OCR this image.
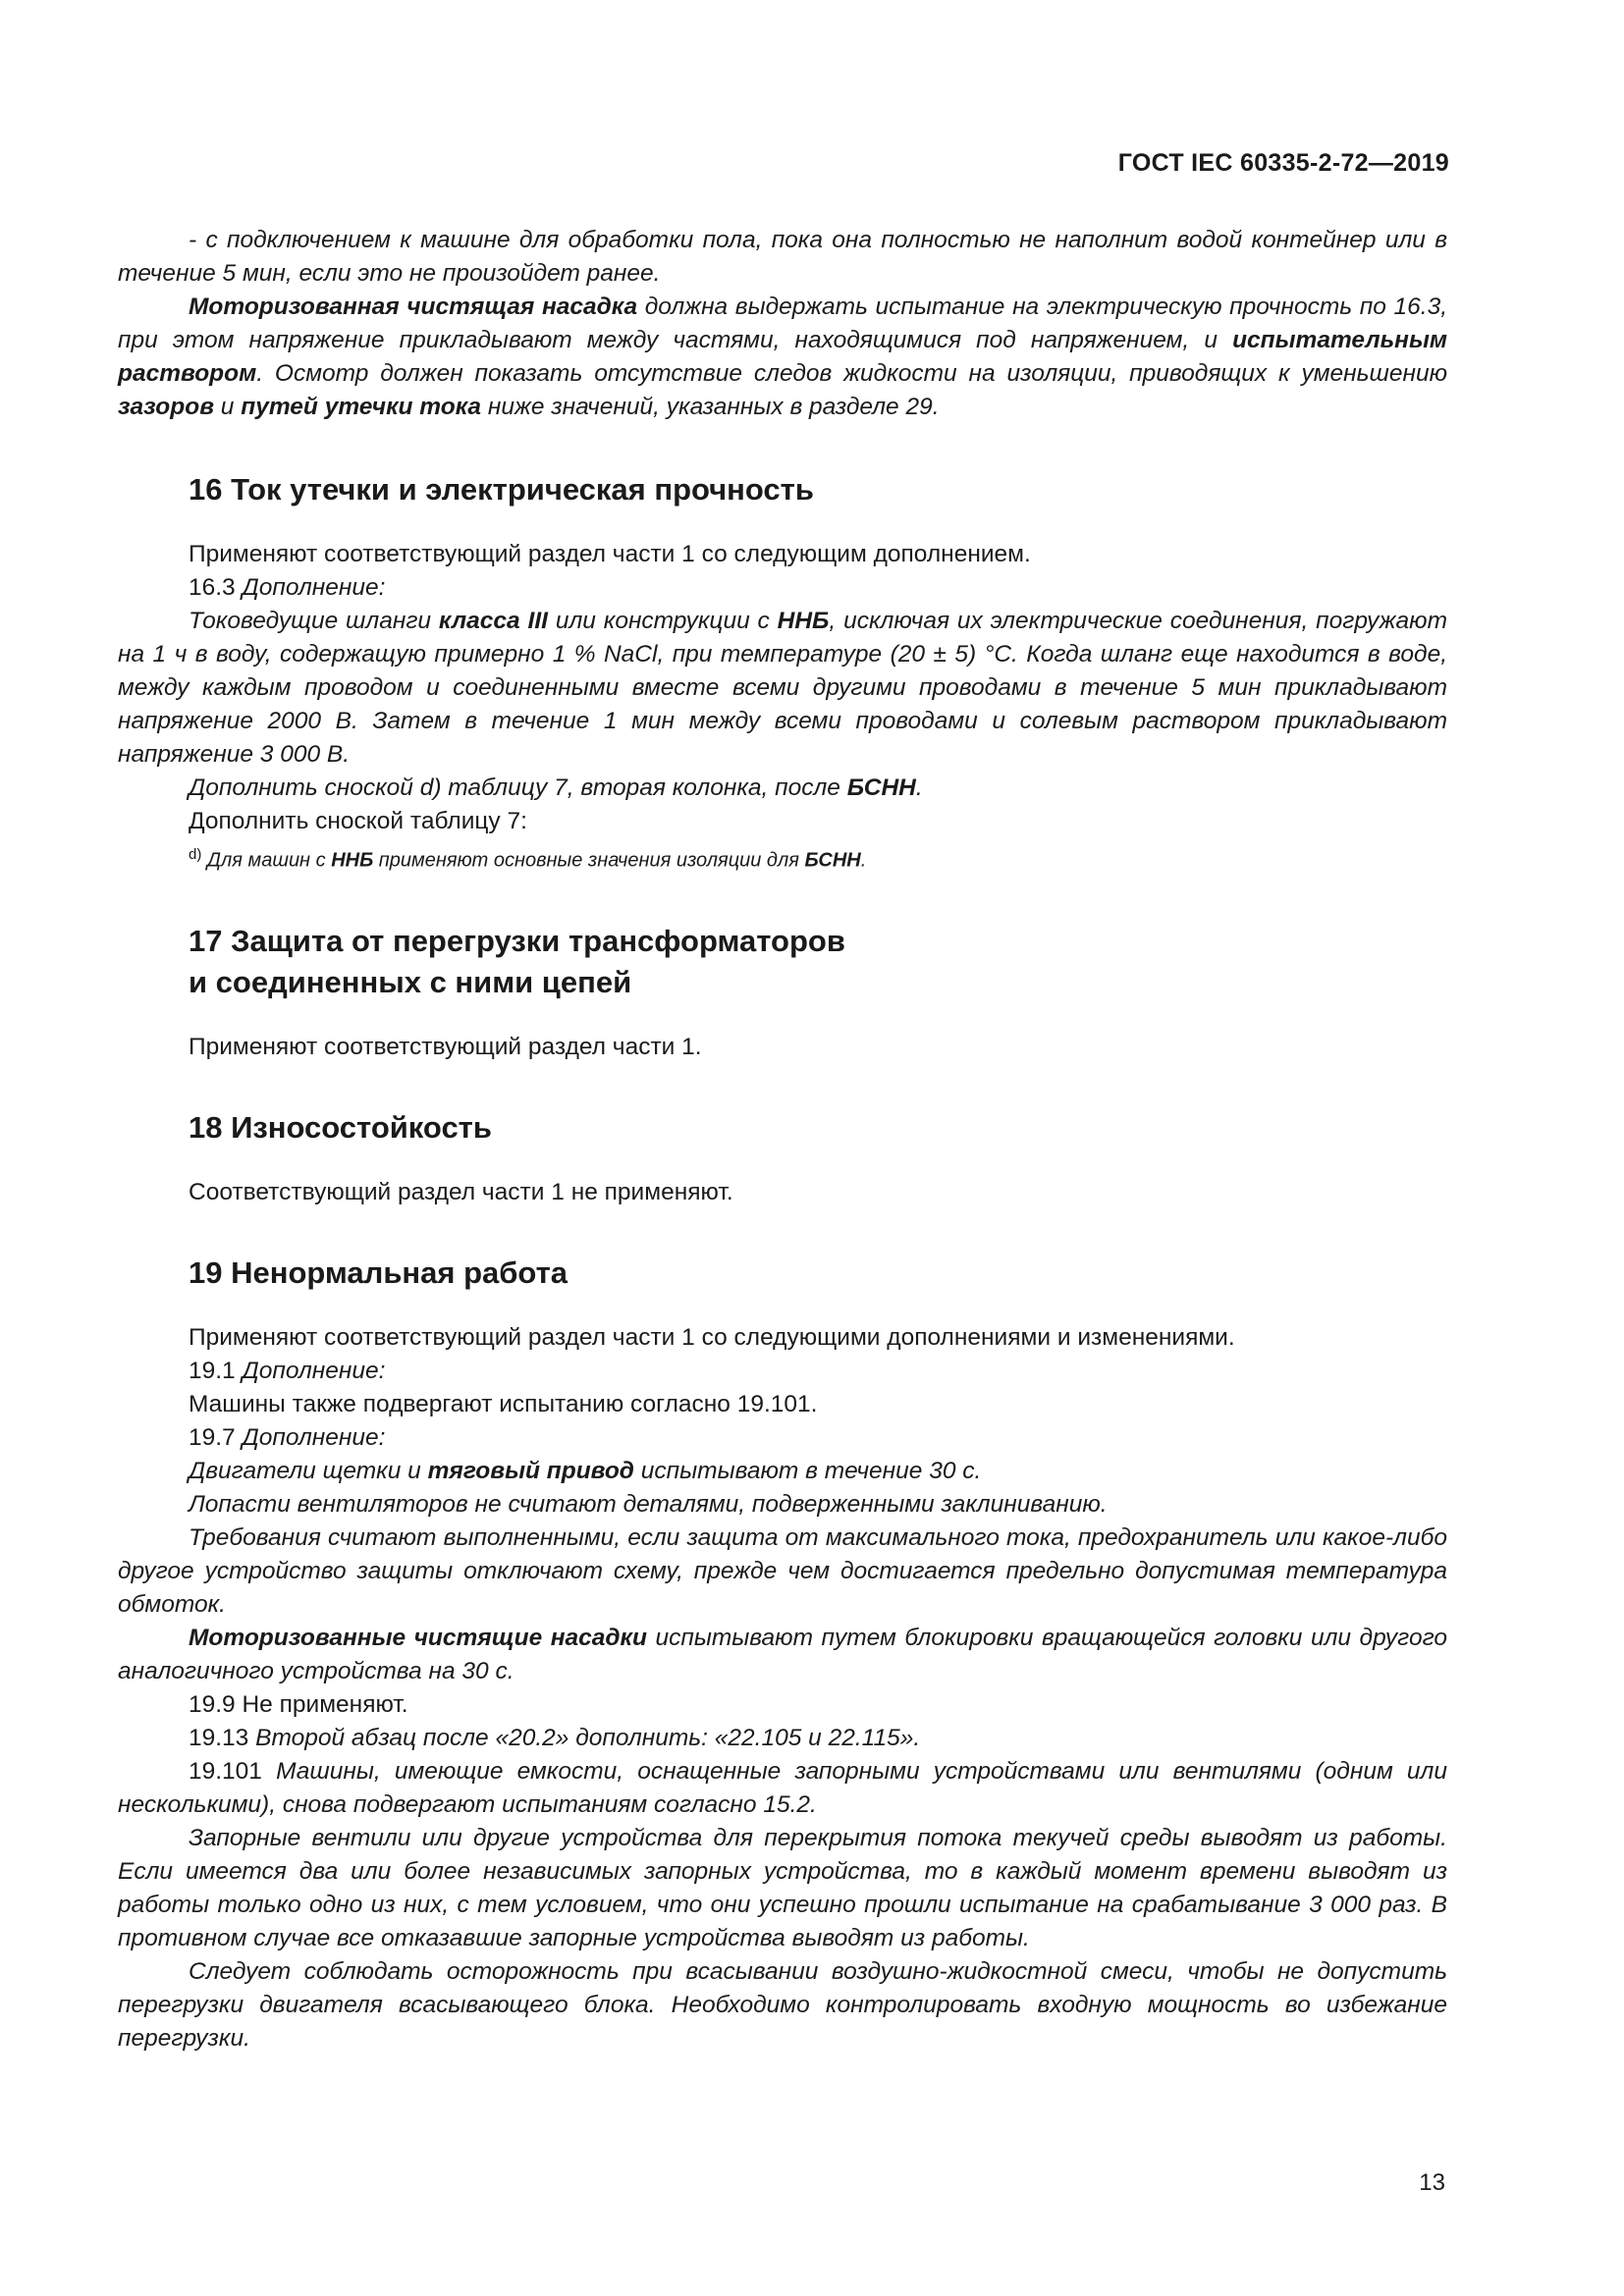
ГОСТ IEC 60335-2-72—2019

- с подключением к машине для обработки пола, пока она полностью не наполнит водой контейнер или в течение 5 мин, если это не произойдет ранее.

Моторизованная чистящая насадка должна выдержать испытание на электрическую прочность по 16.3, при этом напряжение прикладывают между частями, находящимися под напряжением, и испытательным раствором. Осмотр должен показать отсутствие следов жидкости на изоляции, приводящих к уменьшению зазоров и путей утечки тока ниже значений, указанных в разделе 29.

16 Ток утечки и электрическая прочность

Применяют соответствующий раздел части 1 со следующим дополнением.

16.3 Дополнение:

Токоведущие шланги класса III или конструкции с ННБ, исключая их электрические соединения, погружают на 1 ч в воду, содержащую примерно 1 % NaCl, при температуре (20 ± 5) °С. Когда шланг еще находится в воде, между каждым проводом и соединенными вместе всеми другими проводами в течение 5 мин прикладывают напряжение 2000 В. Затем в течение 1 мин между всеми проводами и солевым раствором прикладывают напряжение 3 000 В.

Дополнить сноской d) таблицу 7, вторая колонка, после БСНН.

Дополнить сноской таблицу 7:

$^{d)}$ Для машин с ННБ применяют основные значения изоляции для БСНН.

17 Защита от перегрузки трансформаторов
и соединенных с ними цепей

Применяют соответствующий раздел части 1.

18 Износостойкость

Соответствующий раздел части 1 не применяют.

19 Ненормальная работа

Применяют соответствующий раздел части 1 со следующими дополнениями и изменениями.

19.1 Дополнение:

Машины также подвергают испытанию согласно 19.101.

19.7 Дополнение:

Двигатели щетки и тяговый привод испытывают в течение 30 с.

Лопасти вентиляторов не считают деталями, подверженными заклиниванию.

Требования считают выполненными, если защита от максимального тока, предохранитель или какое-либо другое устройство защиты отключают схему, прежде чем достигается предельно допустимая температура обмоток.

Моторизованные чистящие насадки испытывают путем блокировки вращающейся головки или другого аналогичного устройства на 30 с.

19.9 Не применяют.

19.13 Второй абзац после «20.2» дополнить: «22.105 и 22.115».

19.101 Машины, имеющие емкости, оснащенные запорными устройствами или вентилями (одним или несколькими), снова подвергают испытаниям согласно 15.2.

Запорные вентили или другие устройства для перекрытия потока текучей среды выводят из работы. Если имеется два или более независимых запорных устройства, то в каждый момент времени выводят из работы только одно из них, с тем условием, что они успешно прошли испытание на срабатывание 3 000 раз. В противном случае все отказавшие запорные устройства выводят из работы.

Следует соблюдать осторожность при всасывании воздушно-жидкостной смеси, чтобы не допустить перегрузки двигателя всасывающего блока. Необходимо контролировать входную мощность во избежание перегрузки.

13
